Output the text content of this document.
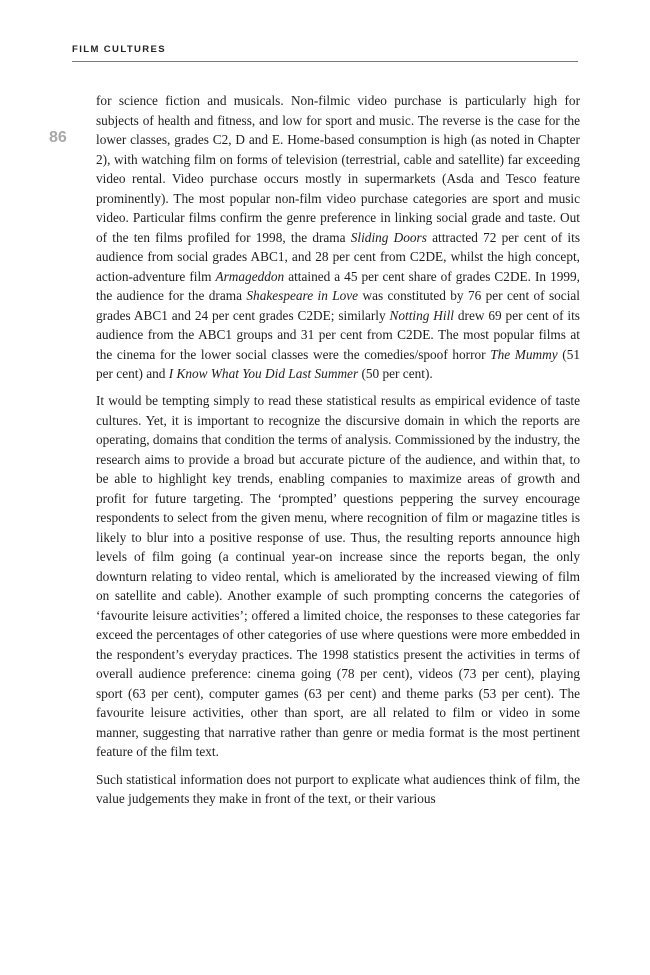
FILM CULTURES
86

for science fiction and musicals. Non-filmic video purchase is particularly high for subjects of health and fitness, and low for sport and music. The reverse is the case for the lower classes, grades C2, D and E. Home-based consumption is high (as noted in Chapter 2), with watching film on forms of television (terrestrial, cable and satellite) far exceeding video rental. Video purchase occurs mostly in supermarkets (Asda and Tesco feature prominently). The most popular non-film video purchase categories are sport and music video. Particular films confirm the genre preference in linking social grade and taste. Out of the ten films profiled for 1998, the drama Sliding Doors attracted 72 per cent of its audience from social grades ABC1, and 28 per cent from C2DE, whilst the high concept, action-adventure film Armageddon attained a 45 per cent share of grades C2DE. In 1999, the audience for the drama Shakespeare in Love was constituted by 76 per cent of social grades ABC1 and 24 per cent grades C2DE; similarly Notting Hill drew 69 per cent of its audience from the ABC1 groups and 31 per cent from C2DE. The most popular films at the cinema for the lower social classes were the comedies/spoof horror The Mummy (51 per cent) and I Know What You Did Last Summer (50 per cent).

It would be tempting simply to read these statistical results as empirical evidence of taste cultures. Yet, it is important to recognize the discursive domain in which the reports are operating, domains that condition the terms of analysis. Commissioned by the industry, the research aims to provide a broad but accurate picture of the audience, and within that, to be able to highlight key trends, enabling companies to maximize areas of growth and profit for future targeting. The ‘prompted’ questions peppering the survey encourage respondents to select from the given menu, where recognition of film or magazine titles is likely to blur into a positive response of use. Thus, the resulting reports announce high levels of film going (a continual year-on increase since the reports began, the only downturn relating to video rental, which is ameliorated by the increased viewing of film on satellite and cable). Another example of such prompting concerns the categories of ‘favourite leisure activities’; offered a limited choice, the responses to these categories far exceed the percentages of other categories of use where questions were more embedded in the respondent’s everyday practices. The 1998 statistics present the activities in terms of overall audience preference: cinema going (78 per cent), videos (73 per cent), playing sport (63 per cent), computer games (63 per cent) and theme parks (53 per cent). The favourite leisure activities, other than sport, are all related to film or video in some manner, suggesting that narrative rather than genre or media format is the most pertinent feature of the film text.

Such statistical information does not purport to explicate what audiences think of film, the value judgements they make in front of the text, or their various
